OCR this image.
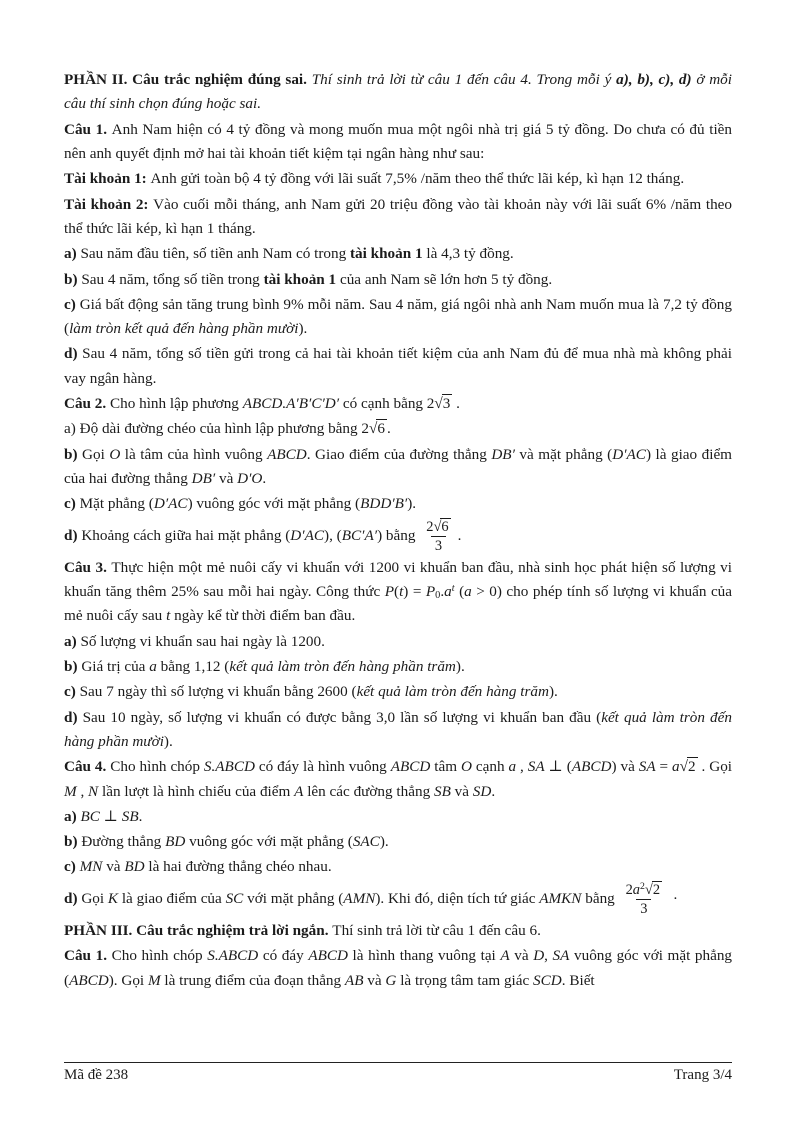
PHẦN II. Câu trắc nghiệm đúng sai. Thí sinh trả lời từ câu 1 đến câu 4. Trong mỗi ý a), b), c), d) ở mỗi câu thí sinh chọn đúng hoặc sai.

Câu 1. Anh Nam hiện có 4 tỷ đồng và mong muốn mua một ngôi nhà trị giá 5 tỷ đồng. Do chưa có đủ tiền nên anh quyết định mở hai tài khoản tiết kiệm tại ngân hàng như sau:

Tài khoản 1: Anh gửi toàn bộ 4 tỷ đồng với lãi suất 7,5% /năm theo thể thức lãi kép, kì hạn 12 tháng.

Tài khoản 2: Vào cuối mỗi tháng, anh Nam gửi 20 triệu đồng vào tài khoản này với lãi suất 6% /năm theo thể thức lãi kép, kì hạn 1 tháng.

a) Sau năm đầu tiên, số tiền anh Nam có trong tài khoản 1 là 4,3 tỷ đồng.

b) Sau 4 năm, tổng số tiền trong tài khoản 1 của anh Nam sẽ lớn hơn 5 tỷ đồng.

c) Giá bất động sản tăng trung bình 9% mỗi năm. Sau 4 năm, giá ngôi nhà anh Nam muốn mua là 7,2 tỷ đồng (làm tròn kết quả đến hàng phần mười).

d) Sau 4 năm, tổng số tiền gửi trong cả hai tài khoản tiết kiệm của anh Nam đủ để mua nhà mà không phải vay ngân hàng.

Câu 2. Cho hình lập phương ABCD.A′B′C′D′ có cạnh bằng 2√3 .

a) Độ dài đường chéo của hình lập phương bằng 2√6 .

b) Gọi O là tâm của hình vuông ABCD. Giao điểm của đường thẳng DB′ và mặt phẳng (D′AC) là giao điểm của hai đường thẳng DB′ và D′O.

c) Mặt phẳng (D′AC) vuông góc với mặt phẳng (BDD′B′).

d) Khoảng cách giữa hai mặt phẳng (D′AC), (BC′A′) bằng $\frac{2√6}{3}$ .

Câu 3. Thực hiện một mẻ nuôi cấy vi khuẩn với 1200 vi khuẩn ban đầu, nhà sinh học phát hiện số lượng vi khuẩn tăng thêm 25% sau mỗi hai ngày. Công thức $P(t) = P_0.a^t$ (a > 0) cho phép tính số lượng vi khuẩn của mẻ nuôi cấy sau t ngày kể từ thời điểm ban đầu.

a) Số lượng vi khuẩn sau hai ngày là 1200.

b) Giá trị của a bằng 1,12 (kết quả làm tròn đến hàng phần trăm).

c) Sau 7 ngày thì số lượng vi khuẩn bằng 2600 (kết quả làm tròn đến hàng trăm).

d) Sau 10 ngày, số lượng vi khuẩn có được bằng 3,0 lần số lượng vi khuẩn ban đầu (kết quả làm tròn đến hàng phần mười).

Câu 4. Cho hình chóp S.ABCD có đáy là hình vuông ABCD tâm O cạnh a , SA ⊥ (ABCD) và SA = a√2 . Gọi M , N lần lượt là hình chiếu của điểm A lên các đường thẳng SB và SD.

a) BC ⊥ SB.

b) Đường thẳng BD vuông góc với mặt phẳng (SAC).

c) MN và BD là hai đường thẳng chéo nhau.

d) Gọi K là giao điểm của SC với mặt phẳng (AMN). Khi đó, diện tích tứ giác AMKN bằng $\frac{2a^2√2}{3}$ ·

PHẦN III. Câu trắc nghiệm trả lời ngắn. Thí sinh trả lời từ câu 1 đến câu 6.

Câu 1. Cho hình chóp S.ABCD có đáy ABCD là hình thang vuông tại A và D, SA vuông góc với mặt phẳng (ABCD). Gọi M là trung điểm của đoạn thẳng AB và G là trọng tâm tam giác SCD. Biết

Mã đề 238	Trang 3/4
